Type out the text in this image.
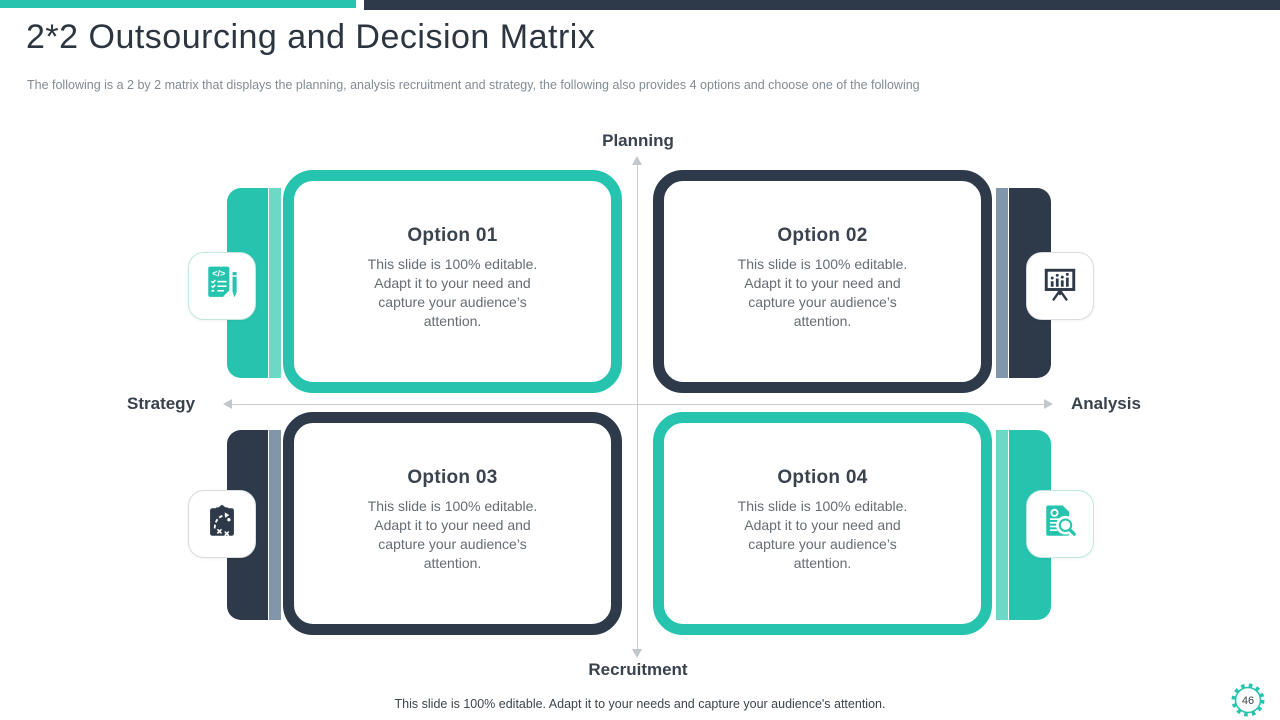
2*2 Outsourcing and Decision Matrix
The following is a 2 by 2 matrix that displays the planning, analysis recruitment and strategy, the following also provides 4 options and choose one of the following
Planning
Analysis
Recruitment
Strategy
Option 01

This slide is 100% editable. Adapt it to your need and capture your audience’s attention.

</>
Option 02

This slide is 100% editable. Adapt it to your need and capture your audience’s attention.

Option 03

This slide is 100% editable. Adapt it to your need and capture your audience’s attention.

Option 04

This slide is 100% editable. Adapt it to your need and capture your audience’s attention.

This slide is 100% editable. Adapt it to your needs and capture your audience's attention.	46
